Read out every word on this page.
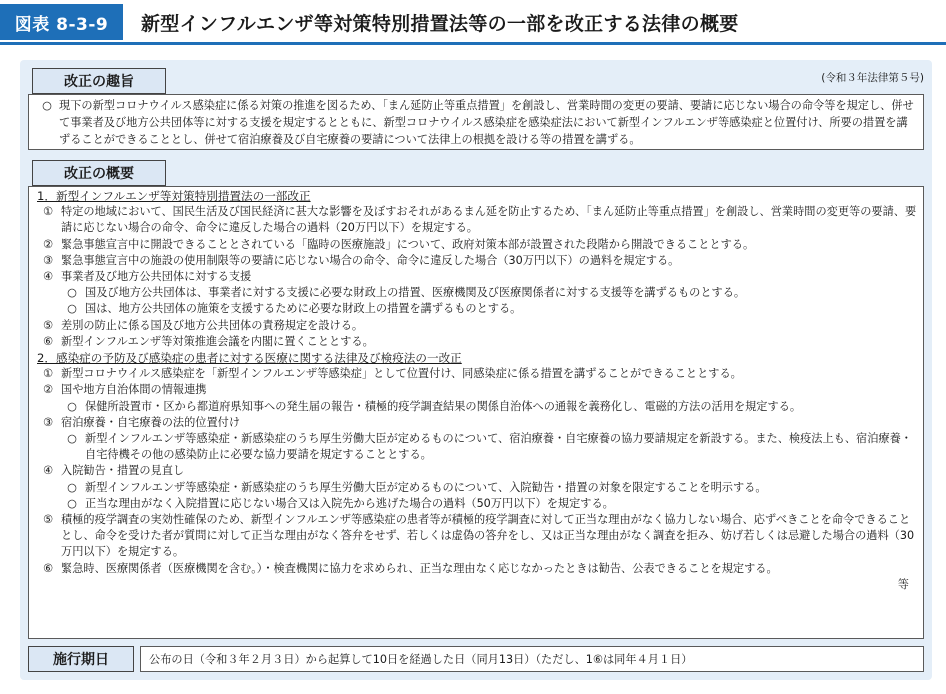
図表 8-3-9	新型インフルエンザ等対策特別措置法等の一部を改正する法律の概要
改正の趣旨	(令和３年法律第５号)
○ 現下の新型コロナウイルス感染症に係る対策の推進を図るため、「まん延防止等重点措置」を創設し、営業時間の変更の要請、要請に応じない場合の命令等を規定し、併せて事業者及び地方公共団体等に対する支援を規定するとともに、新型コロナウイルス感染症を感染症法において新型インフルエンザ等感染症と位置付け、所要の措置を講ずることができることとし、併せて宿泊療養及び自宅療養の要請について法律上の根拠を設ける等の措置を講ずる。
改正の概要
1．新型インフルエンザ等対策特別措置法の一部改正
① 特定の地域において、国民生活及び国民経済に甚大な影響を及ぼすおそれがあるまん延を防止するため、「まん延防止等重点措置」を創設し、営業時間の変更等の要請、要請に応じない場合の命令、命令に違反した場合の過料（20万円以下）を規定する。
② 緊急事態宣言中に開設できることとされている「臨時の医療施設」について、政府対策本部が設置された段階から開設できることとする。
③ 緊急事態宣言中の施設の使用制限等の要請に応じない場合の命令、命令に違反した場合（30万円以下）の過料を規定する。
④ 事業者及び地方公共団体に対する支援
○ 国及び地方公共団体は、事業者に対する支援に必要な財政上の措置、医療機関及び医療関係者に対する支援等を講ずるものとする。
○ 国は、地方公共団体の施策を支援するために必要な財政上の措置を講ずるものとする。
⑤ 差別の防止に係る国及び地方公共団体の責務規定を設ける。
⑥ 新型インフルエンザ等対策推進会議を内閣に置くこととする。
2．感染症の予防及び感染症の患者に対する医療に関する法律及び検疫法の一改正
① 新型コロナウイルス感染症を「新型インフルエンザ等感染症」として位置付け、同感染症に係る措置を講ずることができることとする。
② 国や地方自治体間の情報連携
○ 保健所設置市・区から都道府県知事への発生届の報告・積極的疫学調査結果の関係自治体への通報を義務化し、電磁的方法の活用を規定する。
③ 宿泊療養・自宅療養の法的位置付け
○ 新型インフルエンザ等感染症・新感染症のうち厚生労働大臣が定めるものについて、宿泊療養・自宅療養の協力要請規定を新設する。また、検疫法上も、宿泊療養・自宅待機その他の感染防止に必要な協力要請を規定することとする。
④ 入院勧告・措置の見直し
○ 新型インフルエンザ等感染症・新感染症のうち厚生労働大臣が定めるものについて、入院勧告・措置の対象を限定することを明示する。
○ 正当な理由がなく入院措置に応じない場合又は入院先から逃げた場合の過料（50万円以下）を規定する。
⑤ 積極的疫学調査の実効性確保のため、新型インフルエンザ等感染症の患者等が積極的疫学調査に対して正当な理由がなく協力しない場合、応ずべきことを命令できることとし、命令を受けた者が質問に対して正当な理由がなく答弁をせず、若しくは虚偽の答弁をし、又は正当な理由がなく調査を拒み、妨げ若しくは忌避した場合の過料（30万円以下）を規定する。
⑥ 緊急時、医療関係者（医療機関を含む。）・検査機関に協力を求められ、正当な理由なく応じなかったときは勧告、公表できることを規定する。
等
施行期日	公布の日（令和３年２月３日）から起算して10日を経過した日（同月13日）（ただし、1⑥は同年４月１日）
